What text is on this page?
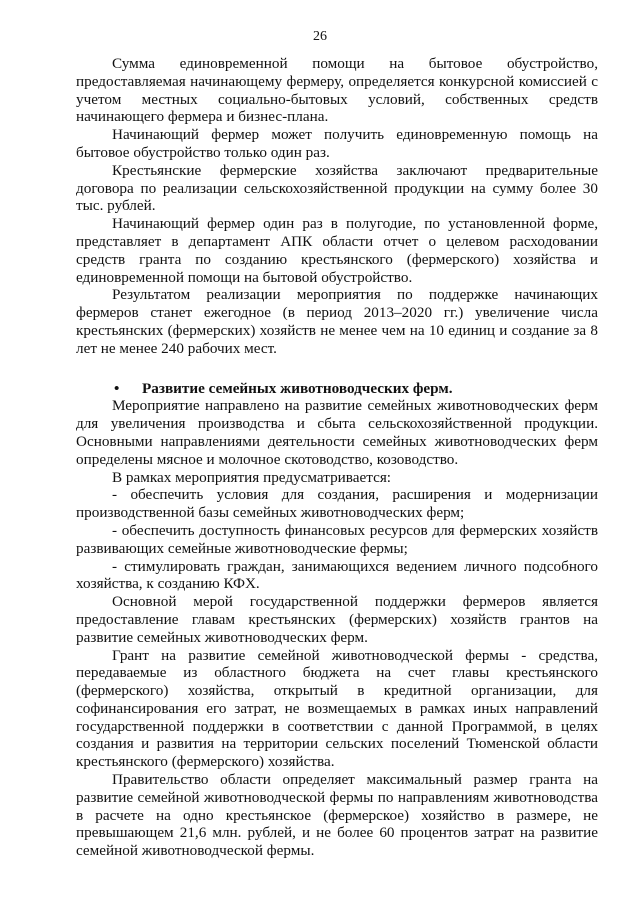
26

Сумма единовременной помощи на бытовое обустройство, предоставляемая начинающему фермеру, определяется конкурсной комиссией с учетом местных социально-бытовых условий, собственных средств начинающего фермера и бизнес-плана.

Начинающий фермер может получить единовременную помощь на бытовое обустройство только один раз.

Крестьянские фермерские хозяйства заключают предварительные договора по реализации сельскохозяйственной продукции на сумму более 30 тыс. рублей.

Начинающий фермер один раз в полугодие, по установленной форме, представляет в департамент АПК области отчет о целевом расходовании средств гранта по созданию крестьянского (фермерского) хозяйства и единовременной помощи на бытовой обустройство.

Результатом реализации мероприятия по поддержке начинающих фермеров станет ежегодное (в период 2013–2020 гг.) увеличение числа крестьянских (фермерских) хозяйств не менее чем на 10 единиц и создание за 8 лет не менее 240 рабочих мест.

• Развитие семейных животноводческих ферм.

Мероприятие направлено на развитие семейных животноводческих ферм для увеличения производства и сбыта сельскохозяйственной продукции. Основными направлениями деятельности семейных животноводческих ферм определены мясное и молочное скотоводство, козоводство.

В рамках мероприятия предусматривается:

- обеспечить условия для создания, расширения и модернизации производственной базы семейных животноводческих ферм;

- обеспечить доступность финансовых ресурсов для фермерских хозяйств развивающих семейные животноводческие фермы;

- стимулировать граждан, занимающихся ведением личного подсобного хозяйства, к созданию КФХ.

Основной мерой государственной поддержки фермеров является предоставление главам крестьянских (фермерских) хозяйств грантов на развитие семейных животноводческих ферм.

Грант на развитие семейной животноводческой фермы - средства, передаваемые из областного бюджета на счет главы крестьянского (фермерского) хозяйства, открытый в кредитной организации, для софинансирования его затрат, не возмещаемых в рамках иных направлений государственной поддержки в соответствии с данной Программой, в целях создания и развития на территории сельских поселений Тюменской области крестьянского (фермерского) хозяйства.

Правительство области определяет максимальный размер гранта на развитие семейной животноводческой фермы по направлениям животноводства в расчете на одно крестьянское (фермерское) хозяйство в размере, не превышающем 21,6 млн. рублей, и не более 60 процентов затрат на развитие семейной животноводческой фермы.
